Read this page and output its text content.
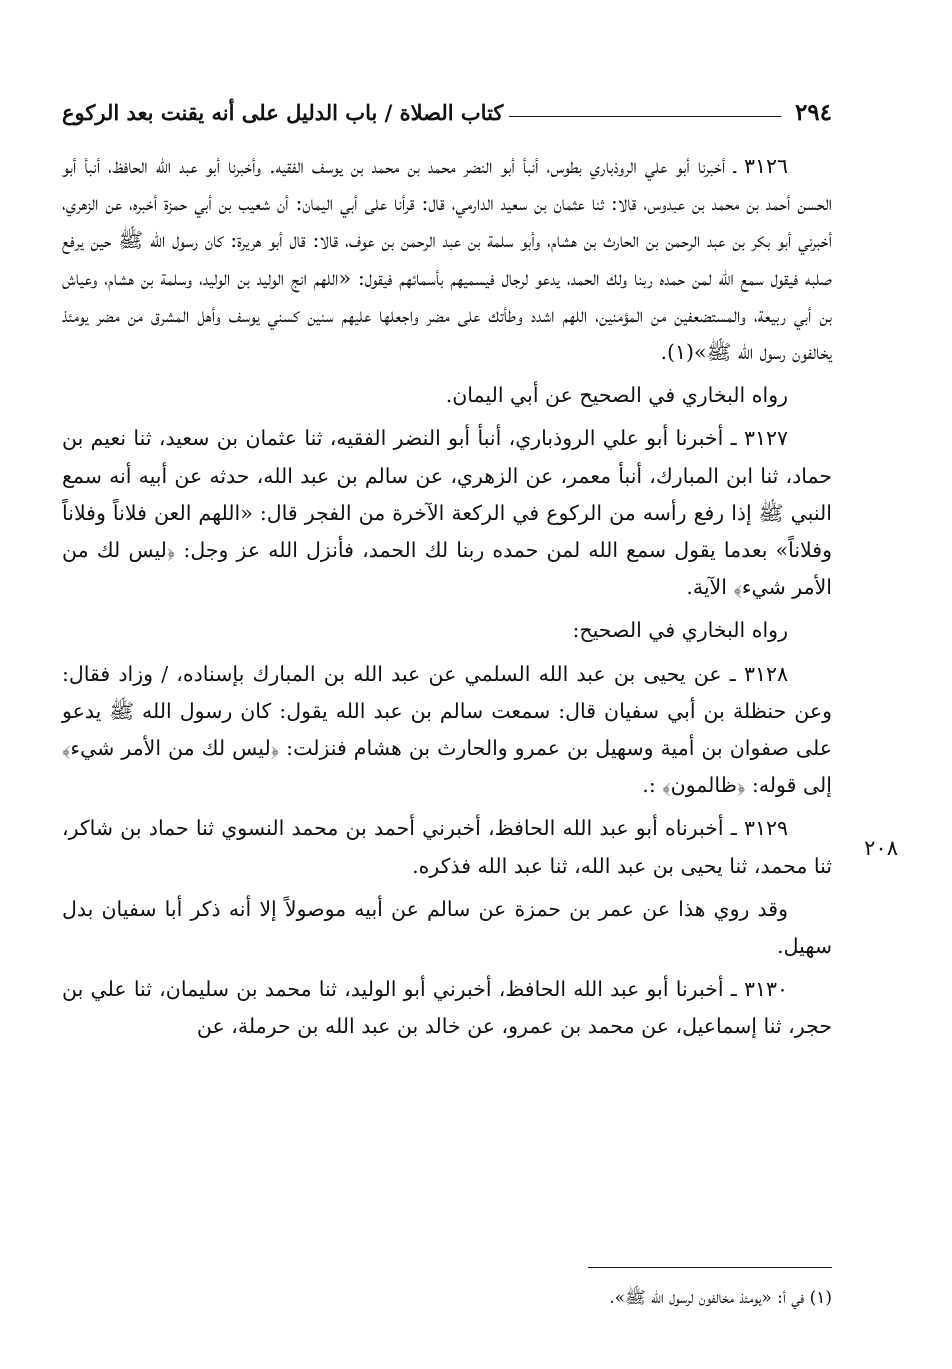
٢٩٤
كتاب الصلاة / باب الدليل على أنه يقنت بعد الركوع

٣١٢٦ ـ أخبرنا أبو علي الروذباري بطوس، أنبأ أبو النضر محمد بن محمد بن يوسف الفقيه. وأخبرنا أبو عبد الله الحافظ، أنبأ أبو الحسن أحمد بن محمد بن عبدوس، قالا: ثنا عثمان بن سعيد الدارمي، قال: قرأنا على أبي اليمان: أن شعيب بن أبي حمزة أخبره، عن الزهري، أخبرني أبو بكر بن عبد الرحمن بن الحارث بن هشام، وأبو سلمة بن عبد الرحمن بن عوف، قالا: قال أبو هريرة: كان رسول الله ﷺ حين يرفع صلبه فيقول سمع الله لمن حمده ربنا ولك الحمد، يدعو لرجال فيسميهم بأسمائهم فيقول: «اللهم انج الوليد بن الوليد، وسلمة بن هشام، وعياش بن أبي ربيعة، والمستضعفين من المؤمنين، اللهم اشدد وطأتك على مضر واجعلها عليهم سنين كسني يوسف وأهل المشرق من مضر يومئذ يخالفون رسول الله ﷺ»(١).

رواه البخاري في الصحيح عن أبي اليمان.

٣١٢٧ ـ أخبرنا أبو علي الروذباري، أنبأ أبو النضر الفقيه، ثنا عثمان بن سعيد، ثنا نعيم بن حماد، ثنا ابن المبارك، أنبأ معمر، عن الزهري، عن سالم بن عبد الله، حدثه عن أبيه أنه سمع النبي ﷺ إذا رفع رأسه من الركوع في الركعة الآخرة من الفجر قال: «اللهم العن فلاناً وفلاناً وفلاناً» بعدما يقول سمع الله لمن حمده ربنا لك الحمد، فأنزل الله عز وجل: ﴿ليس لك من الأمر شيء﴾ الآية.

رواه البخاري في الصحيح:

٣١٢٨ ـ عن يحيى بن عبد الله السلمي عن عبد الله بن المبارك بإسناده، / وزاد فقال: وعن حنظلة بن أبي سفيان قال: سمعت سالم بن عبد الله يقول: كان رسول الله ﷺ يدعو على صفوان بن أمية وسهيل بن عمرو والحارث بن هشام فنزلت: ﴿ليس لك من الأمر شيء﴾ إلى قوله: ﴿ظالمون﴾ :.

٣١٢٩ ـ أخبرناه أبو عبد الله الحافظ، أخبرني أحمد بن محمد النسوي ثنا حماد بن شاكر، ثنا محمد، ثنا يحيى بن عبد الله، ثنا عبد الله فذكره.

وقد روي هذا عن عمر بن حمزة عن سالم عن أبيه موصولاً إلا أنه ذكر أبا سفيان بدل سهيل.

٣١٣٠ ـ أخبرنا أبو عبد الله الحافظ، أخبرني أبو الوليد، ثنا محمد بن سليمان، ثنا علي بن حجر، ثنا إسماعيل، عن محمد بن عمرو، عن خالد بن عبد الله بن حرملة، عن

٢٠٨
(١) في أ: «يومئذ مخالفون لرسول الله ﷺ».
